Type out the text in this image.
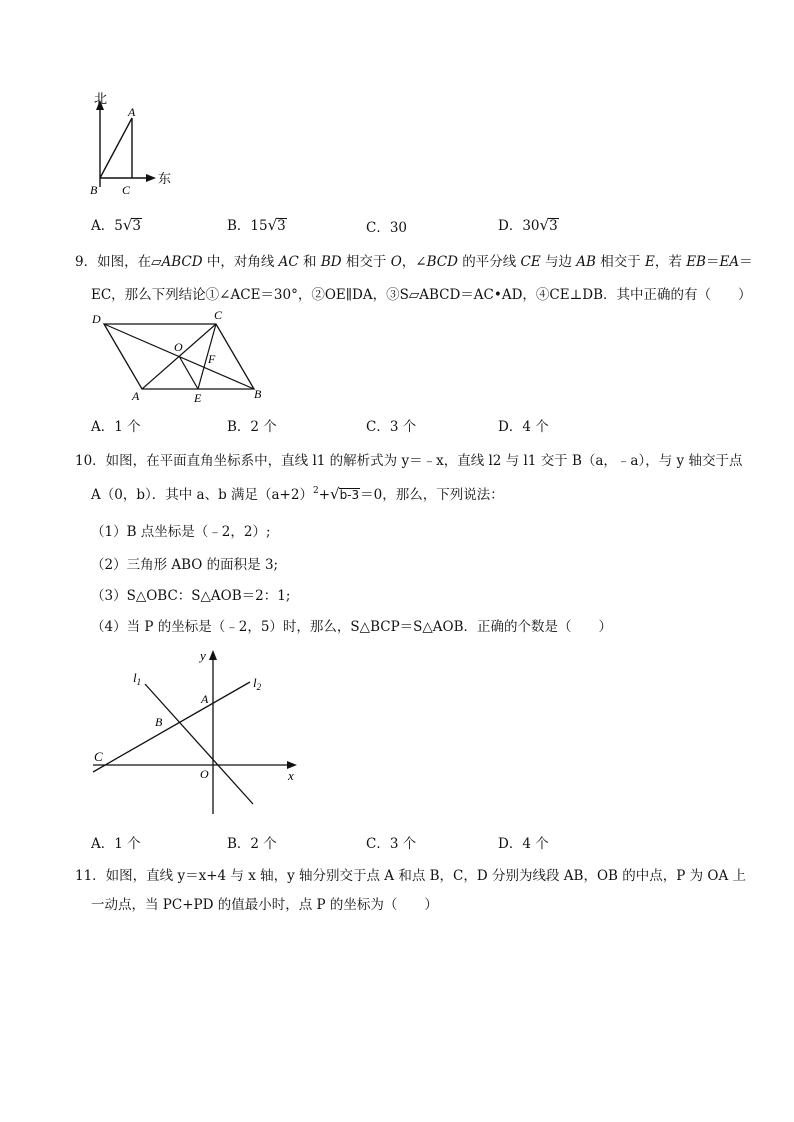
北
东
A
B C
A．5√3	B．15√3	C．30	D．30√3
9．如图，在▱ABCD 中，对角线 AC 和 BD 相交于 O，∠BCD 的平分线 CE 与边 AB 相交于 E，若 EB＝EA＝
EC，那么下列结论①∠ACE＝30°，②OE∥DA，③S▱ABCD＝AC•AD，④CE⊥DB．其中正确的有（　　）
D	C
O
F
A	E	B
A．1 个	B．2 个	C．3 个	D．4 个
10．如图，在平面直角坐标系中，直线 l1 的解析式为 y＝﹣x，直线 l2 与 l1 交于 B（a，﹣a），与 y 轴交于点
A（0，b）．其中 a、b 满足$(a+2)^2+√b-3=0$，那么，下列说法：
（1）B 点坐标是（﹣2，2）;
（2）三角形 ABO 的面积是 3;
（3）S△OBC：S△AOB＝2：1;
（4）当 P 的坐标是（﹣2，5）时，那么，S△BCP＝S△AOB．正确的个数是（　　）
y
x
$l_1$	$l_2$
A
B
C
O
A．1 个	B．2 个	C．3 个	D．4 个
11．如图，直线 y＝x+4 与 x 轴，y 轴分别交于点 A 和点 B，C，D 分别为线段 AB，OB 的中点，P 为 OA 上
一动点，当 PC+PD 的值最小时，点 P 的坐标为（　　）
